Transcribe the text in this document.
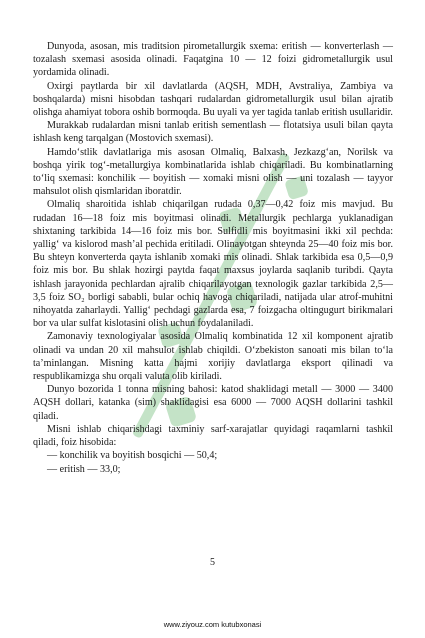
Dunyoda, asosan, mis traditsion pirometallurgik sxema: eritish — konverterlash — tozalash sxemasi asosida olinadi. Faqatgina 10 — 12 foizi gidrometallurgik usul yordamida olinadi.

Oxirgi paytlarda bir xil davlatlarda (AQSH, MDH, Avstraliya, Zambiya va boshqalarda) misni hisobdan tashqari rudalardan gidrometallurgik usul bilan ajratib olishga ahamiyat tobora oshib bormoqda. Bu uyali va yer tagida tanlab eritish usullaridir.

Murakkab rudalardan misni tanlab eritish sementlash — flotatsiya usuli bilan qayta ishlash keng tarqalgan (Mostovich sxemasi).

Hamdo‘stlik davlatlariga mis asosan Olmaliq, Balxash, Jezkazg‘an, Norilsk va boshqa yirik tog‘-metallurgiya kombinatlarida ishlab chiqariladi. Bu kombinatlarning to‘liq sxemasi: konchilik — boyitish — xomaki misni olish — uni tozalash — tayyor mahsulot olish qismlaridan iboratdir.

Olmaliq sharoitida ishlab chiqarilgan rudada 0,37—0,42 foiz mis mavjud. Bu rudadan 16—18 foiz mis boyitmasi olinadi. Metallurgik pechlarga yuklanadigan shixtaning tarkibida 14—16 foiz mis bor. Sulfidli mis boyitmasini ikki xil pechda: yallig‘ va kislorod mash’al pechida eritiladi. Olinayotgan shteynda 25—40 foiz mis bor. Bu shteyn konverterda qayta ishlanib xomaki mis olinadi. Shlak tarkibida esa 0,5—0,9 foiz mis bor. Bu shlak hozirgi paytda faqat maxsus joylarda saqlanib turibdi. Qayta ishlash jarayonida pechlardan ajralib chiqarilayotgan texnologik gazlar tarkibida 2,5—3,5 foiz SO₂ borligi sababli, bular ochiq havoga chiqariladi, natijada ular atrof-muhitni nihoyatda zaharlaydi. Yallig‘ pechdagi gazlarda esa, 7 foizgacha oltingugurt birikmalari bor va ular sulfat kislotasini olish uchun foydalaniladi.

Zamonaviy texnologiyalar asosida Olmaliq kombinatida 12 xil komponent ajratib olinadi va undan 20 xil mahsulot ishlab chiqildi. O‘zbekiston sanoati mis bilan to‘la ta’minlangan. Misning katta hajmi xorijiy davlatlarga eksport qilinadi va respublikamizga shu orqali valuta olib kiriladi.

Dunyo bozorida 1 tonna misning bahosi: katod shaklidagi metall — 3000 — 3400 AQSH dollari, katanka (sim) shaklidagisi esa 6000 — 7000 AQSH dollarini tashkil qiladi.

Misni ishlab chiqarishdagi taxminiy sarf-xarajatlar quyidagi raqamlarni tashkil qiladi, foiz hisobida:

— konchilik va boyitish bosqichi — 50,4;

— eritish — 33,0;

5
www.ziyouz.com kutubxonasi
